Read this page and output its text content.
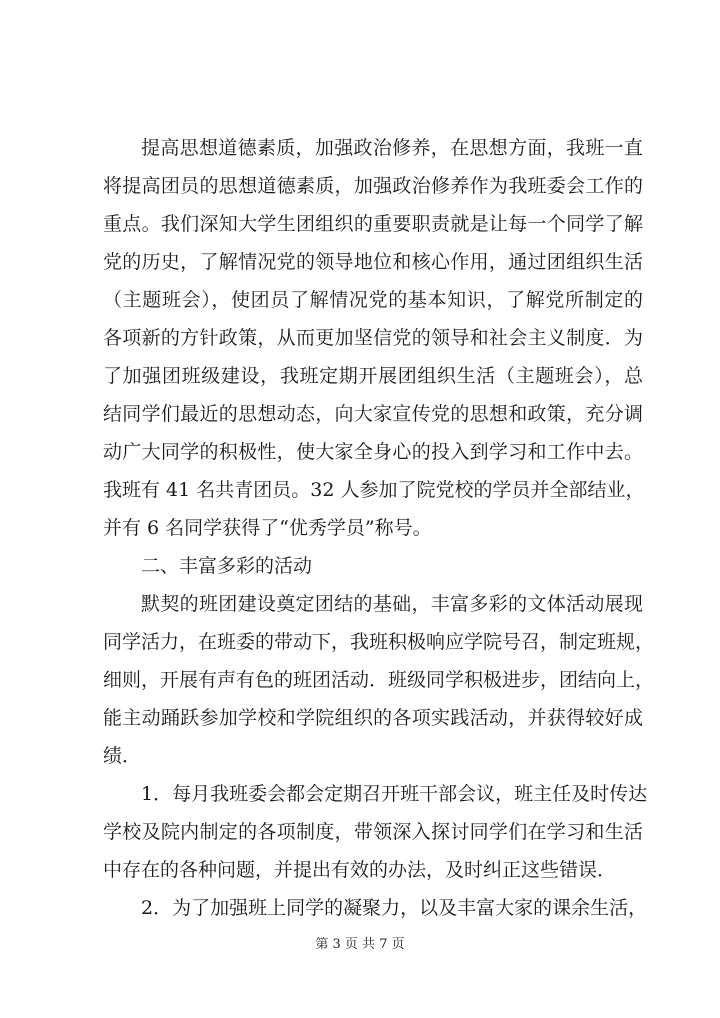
提高思想道德素质，加强政治修养，在思想方面，我班一直
将提高团员的思想道德素质，加强政治修养作为我班委会工作的
重点。我们深知大学生团组织的重要职责就是让每一个同学了解
党的历史，了解情况党的领导地位和核心作用，通过团组织生活
（主题班会），使团员了解情况党的基本知识，了解党所制定的
各项新的方针政策，从而更加坚信党的领导和社会主义制度．为
了加强团班级建设，我班定期开展团组织生活（主题班会），总
结同学们最近的思想动态，向大家宣传党的思想和政策，充分调
动广大同学的积极性，使大家全身心的投入到学习和工作中去。
我班有 41 名共青团员。32 人参加了院党校的学员并全部结业，
并有 6 名同学获得了“优秀学员”称号。
二、丰富多彩的活动
默契的班团建设奠定团结的基础，丰富多彩的文体活动展现
同学活力，在班委的带动下，我班积极响应学院号召，制定班规，
细则，开展有声有色的班团活动．班级同学积极进步，团结向上，
能主动踊跃参加学校和学院组织的各项实践活动，并获得较好成
绩．
1．每月我班委会都会定期召开班干部会议，班主任及时传达
学校及院内制定的各项制度，带领深入探讨同学们在学习和生活
中存在的各种问题，并提出有效的办法，及时纠正这些错误．
2．为了加强班上同学的凝聚力，以及丰富大家的课余生活，
第 3 页 共 7 页
